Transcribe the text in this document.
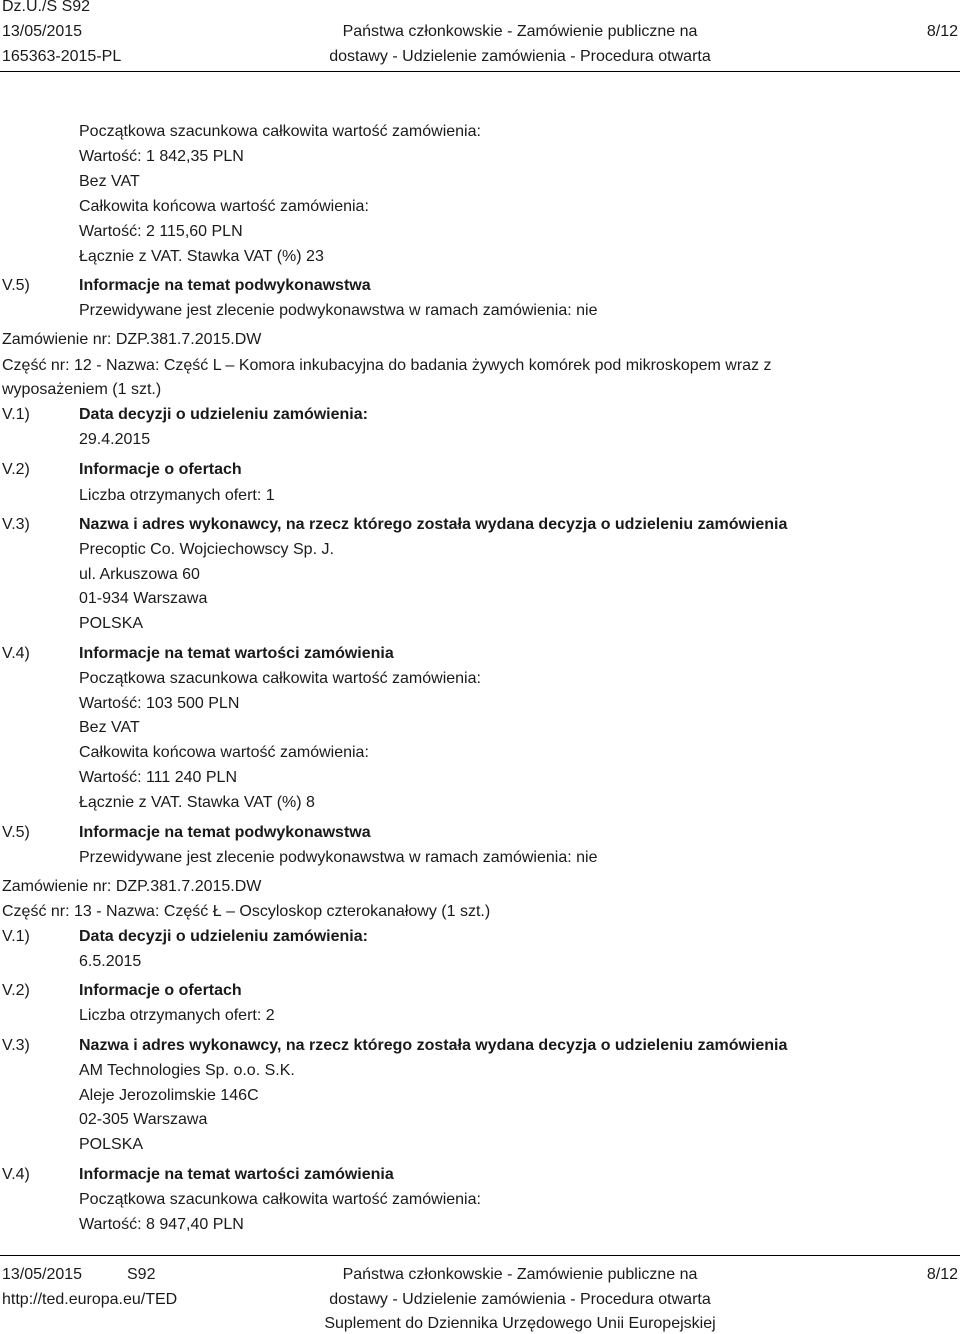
Dz.U./S S92
13/05/2015
165363-2015-PL
Państwa członkowskie - Zamówienie publiczne na
dostawy - Udzielenie zamówienia - Procedura otwarta
8/12
Początkowa szacunkowa całkowita wartość zamówienia:
Wartość: 1 842,35 PLN
Bez VAT
Całkowita końcowa wartość zamówienia:
Wartość: 2 115,60 PLN
Łącznie z VAT. Stawka VAT (%) 23
V.5)	Informacje na temat podwykonawstwa
Przewidywane jest zlecenie podwykonawstwa w ramach zamówienia: nie
Zamówienie nr: DZP.381.7.2015.DW
Część nr: 12 - Nazwa: Część L – Komora inkubacyjna do badania żywych komórek pod mikroskopem wraz z
wyposażeniem (1 szt.)
V.1)	Data decyzji o udzieleniu zamówienia:
29.4.2015
V.2)	Informacje o ofertach
Liczba otrzymanych ofert: 1
V.3)	Nazwa i adres wykonawcy, na rzecz którego została wydana decyzja o udzieleniu zamówienia
Precoptic Co. Wojciechowscy Sp. J.
ul. Arkuszowa 60
01-934 Warszawa
POLSKA
V.4)	Informacje na temat wartości zamówienia
Początkowa szacunkowa całkowita wartość zamówienia:
Wartość: 103 500 PLN
Bez VAT
Całkowita końcowa wartość zamówienia:
Wartość: 111 240 PLN
Łącznie z VAT. Stawka VAT (%) 8
V.5)	Informacje na temat podwykonawstwa
Przewidywane jest zlecenie podwykonawstwa w ramach zamówienia: nie
Zamówienie nr: DZP.381.7.2015.DW
Część nr: 13 - Nazwa: Część Ł – Oscyloskop czterokanałowy (1 szt.)
V.1)	Data decyzji o udzieleniu zamówienia:
6.5.2015
V.2)	Informacje o ofertach
Liczba otrzymanych ofert: 2
V.3)	Nazwa i adres wykonawcy, na rzecz którego została wydana decyzja o udzieleniu zamówienia
AM Technologies Sp. o.o. S.K.
Aleje Jerozolimskie 146C
02-305 Warszawa
POLSKA
V.4)	Informacje na temat wartości zamówienia
Początkowa szacunkowa całkowita wartość zamówienia:
Wartość: 8 947,40 PLN
13/05/2015	S92
http://ted.europa.eu/TED
Państwa członkowskie - Zamówienie publiczne na
dostawy - Udzielenie zamówienia - Procedura otwarta
Suplement do Dziennika Urzędowego Unii Europejskiej
8/12
